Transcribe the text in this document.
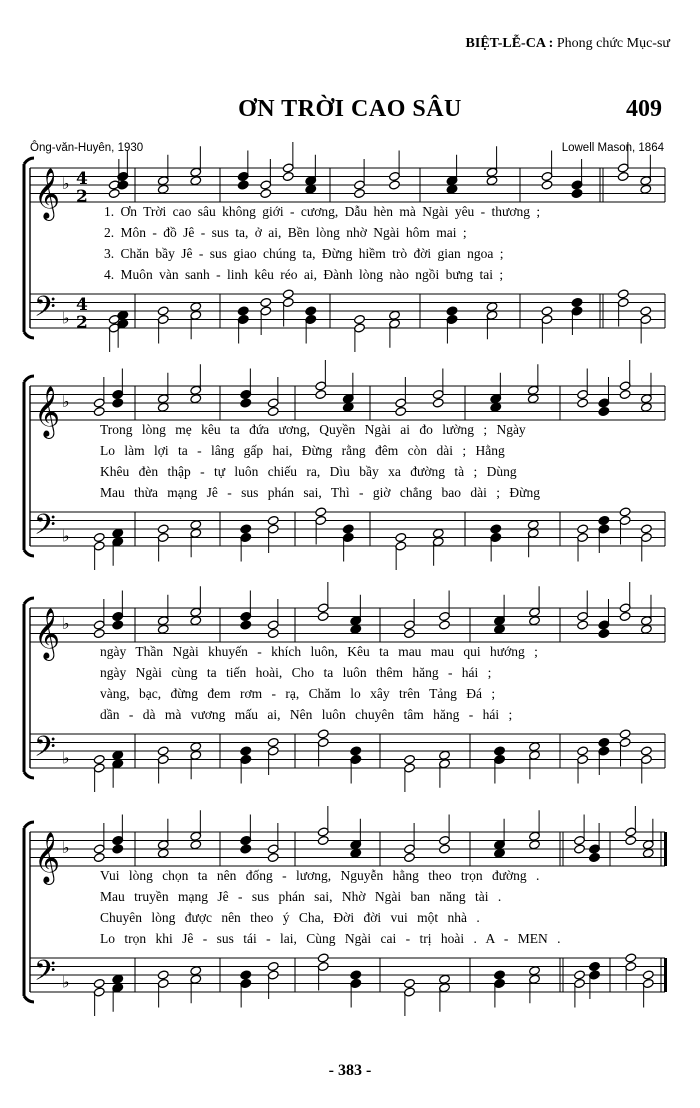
BIỆT-LỄ-CA : Phong chức Mục-sư
ƠN TRỜI CAO SÂU	409
Ông-văn-Huyên, 1930	Lowell Mason, 1864
𝄞
𝄢
♭
♭
4
2
4
2
1. Ơn Trời cao sâu không giới - cương, Dẫu hèn mà Ngài yêu - thương ;
2. Môn - đồ Jê - sus ta, ở ai, Bền lòng nhờ Ngài hôm mai ;
3. Chăn bầy Jê - sus giao chúng ta, Đừng hiềm trò đời gian ngoa ;
4. Muôn vàn sanh - linh kêu réo ai, Đành lòng nào ngồi bưng tai ;
𝄞
𝄢
♭
♭
Trong lòng mẹ kêu ta đứa ương, Quyền Ngài ai đo lường ; Ngày
Lo làm lợi ta - lâng gấp hai, Đừng rằng đêm còn dài ; Hằng
Khêu đèn thập - tự luôn chiếu ra, Dìu bầy xa đường tà ; Dùng
Mau thừa mạng Jê - sus phán sai, Thì - giờ chẳng bao dài ; Đừng
𝄞
𝄢
♭
♭
ngày Thần Ngài khuyến - khích luôn, Kêu ta mau mau qui hướng ;
ngày Ngài cùng ta tiến hoài, Cho ta luôn thêm hăng - hái ;
vàng, bạc, đừng đem rơm - rạ, Chăm lo xây trên Tảng Đá ;
dần - dà mà vương mấu ai, Nên luôn chuyên tâm hăng - hái ;
𝄞
𝄢
♭
♭
Vui lòng chọn ta nên đống - lương, Nguyễn hằng theo trọn đường .
Mau truyền mạng Jê - sus phán sai, Nhờ Ngài ban năng tài .
Chuyên lòng được nên theo ý Cha, Đời đời vui một nhà .
Lo trọn khi Jê - sus tái - lai, Cùng Ngài cai - trị hoài . A - MEN .
- 383 -
